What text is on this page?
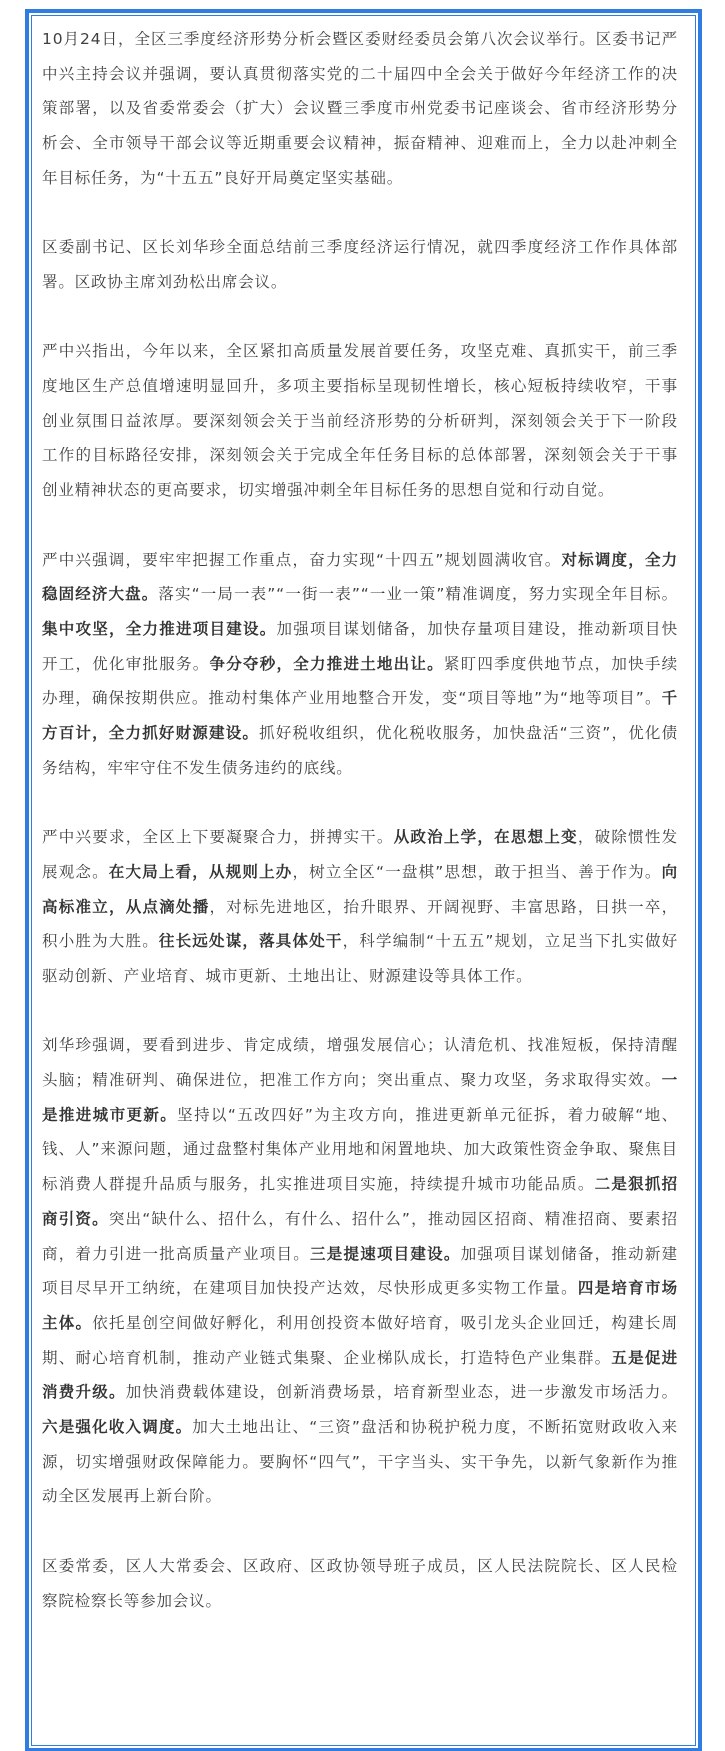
10月24日，全区三季度经济形势分析会暨区委财经委员会第八次会议举行。区委书记严中兴主持会议并强调，要认真贯彻落实党的二十届四中全会关于做好今年经济工作的决策部署，以及省委常委会（扩大）会议暨三季度市州党委书记座谈会、省市经济形势分析会、全市领导干部会议等近期重要会议精神，振奋精神、迎难而上，全力以赴冲刺全年目标任务，为“十五五”良好开局奠定坚实基础。

区委副书记、区长刘华珍全面总结前三季度经济运行情况，就四季度经济工作作具体部署。区政协主席刘劲松出席会议。

严中兴指出，今年以来，全区紧扣高质量发展首要任务，攻坚克难、真抓实干，前三季度地区生产总值增速明显回升，多项主要指标呈现韧性增长，核心短板持续收窄，干事创业氛围日益浓厚。要深刻领会关于当前经济形势的分析研判，深刻领会关于下一阶段工作的目标路径安排，深刻领会关于完成全年任务目标的总体部署，深刻领会关于干事创业精神状态的更高要求，切实增强冲刺全年目标任务的思想自觉和行动自觉。

严中兴强调，要牢牢把握工作重点，奋力实现“十四五”规划圆满收官。对标调度，全力稳固经济大盘。落实“一局一表”“一街一表”“一业一策”精准调度，努力实现全年目标。集中攻坚，全力推进项目建设。加强项目谋划储备，加快存量项目建设，推动新项目快开工，优化审批服务。争分夺秒，全力推进土地出让。紧盯四季度供地节点，加快手续办理，确保按期供应。推动村集体产业用地整合开发，变“项目等地”为“地等项目”。千方百计，全力抓好财源建设。抓好税收组织，优化税收服务，加快盘活“三资”，优化债务结构，牢牢守住不发生债务违约的底线。

严中兴要求，全区上下要凝聚合力，拼搏实干。从政治上学，在思想上变，破除惯性发展观念。在大局上看，从规则上办，树立全区“一盘棋”思想，敢于担当、善于作为。向高标准立，从点滴处播，对标先进地区，抬升眼界、开阔视野、丰富思路，日拱一卒，积小胜为大胜。往长远处谋，落具体处干，科学编制“十五五”规划，立足当下扎实做好驱动创新、产业培育、城市更新、土地出让、财源建设等具体工作。

刘华珍强调，要看到进步、肯定成绩，增强发展信心；认清危机、找准短板，保持清醒头脑；精准研判、确保进位，把准工作方向；突出重点、聚力攻坚，务求取得实效。一是推进城市更新。坚持以“五改四好”为主攻方向，推进更新单元征拆，着力破解“地、钱、人”来源问题，通过盘整村集体产业用地和闲置地块、加大政策性资金争取、聚焦目标消费人群提升品质与服务，扎实推进项目实施，持续提升城市功能品质。二是狠抓招商引资。突出“缺什么、招什么，有什么、招什么”，推动园区招商、精准招商、要素招商，着力引进一批高质量产业项目。三是提速项目建设。加强项目谋划储备，推动新建项目尽早开工纳统，在建项目加快投产达效，尽快形成更多实物工作量。四是培育市场主体。依托星创空间做好孵化，利用创投资本做好培育，吸引龙头企业回迁，构建长周期、耐心培育机制，推动产业链式集聚、企业梯队成长，打造特色产业集群。五是促进消费升级。加快消费载体建设，创新消费场景，培育新型业态，进一步激发市场活力。六是强化收入调度。加大土地出让、“三资”盘活和协税护税力度，不断拓宽财政收入来源，切实增强财政保障能力。要胸怀“四气”，干字当头、实干争先，以新气象新作为推动全区发展再上新台阶。

区委常委，区人大常委会、区政府、区政协领导班子成员，区人民法院院长、区人民检察院检察长等参加会议。
